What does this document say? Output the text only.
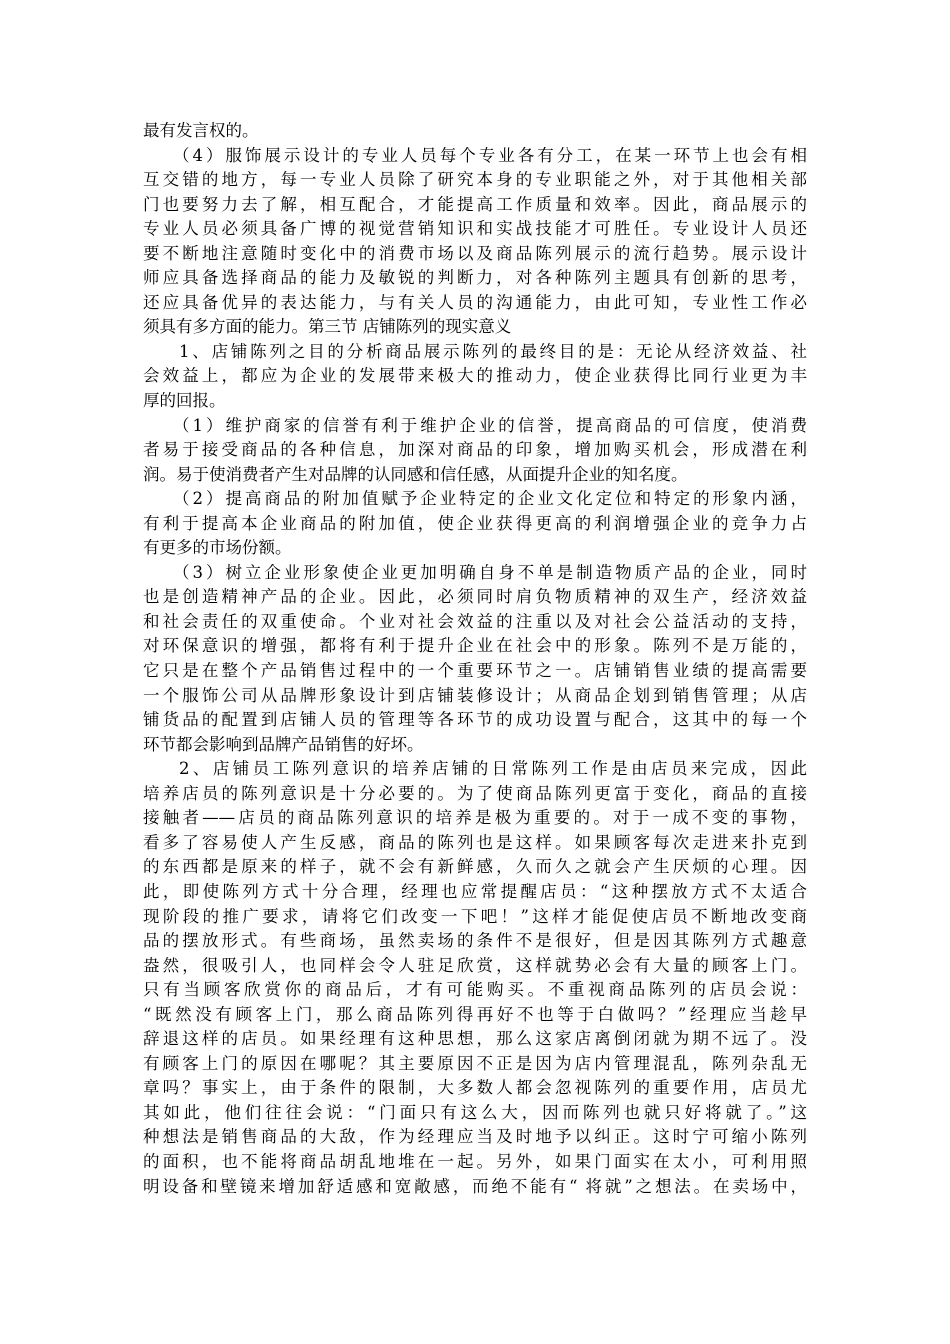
最有发言权的。
（4）服饰展示设计的专业人员每个专业各有分工，在某一环节上也会有相
互交错的地方，每一专业人员除了研究本身的专业职能之外，对于其他相关部
门也要努力去了解，相互配合，才能提高工作质量和效率。因此，商品展示的
专业人员必须具备广博的视觉营销知识和实战技能才可胜任。专业设计人员还
要不断地注意随时变化中的消费市场以及商品陈列展示的流行趋势。展示设计
师应具备选择商品的能力及敏锐的判断力，对各种陈列主题具有创新的思考，
还应具备优异的表达能力，与有关人员的沟通能力，由此可知，专业性工作必
须具有多方面的能力。第三节 店铺陈列的现实意义
1、店铺陈列之目的分析商品展示陈列的最终目的是：无论从经济效益、社
会效益上，都应为企业的发展带来极大的推动力，使企业获得比同行业更为丰
厚的回报。
（1）维护商家的信誉有利于维护企业的信誉，提高商品的可信度，使消费
者易于接受商品的各种信息，加深对商品的印象，增加购买机会，形成潜在利
润。易于使消费者产生对品牌的认同感和信任感，从面提升企业的知名度。
（2）提高商品的附加值赋予企业特定的企业文化定位和特定的形象内涵，
有利于提高本企业商品的附加值，使企业获得更高的利润增强企业的竞争力占
有更多的市场份额。
（3）树立企业形象使企业更加明确自身不单是制造物质产品的企业，同时
也是创造精神产品的企业。因此，必须同时肩负物质精神的双生产，经济效益
和社会责任的双重使命。个业对社会效益的注重以及对社会公益活动的支持，
对环保意识的增强，都将有利于提升企业在社会中的形象。陈列不是万能的，
它只是在整个产品销售过程中的一个重要环节之一。店铺销售业绩的提高需要
一个服饰公司从品牌形象设计到店铺装修设计；从商品企划到销售管理；从店
铺货品的配置到店铺人员的管理等各环节的成功设置与配合，这其中的每一个
环节都会影响到品牌产品销售的好坏。
2、店铺员工陈列意识的培养店铺的日常陈列工作是由店员来完成，因此
培养店员的陈列意识是十分必要的。为了使商品陈列更富于变化，商品的直接
接触者——店员的商品陈列意识的培养是极为重要的。对于一成不变的事物，
看多了容易使人产生反感，商品的陈列也是这样。如果顾客每次走进来扑克到
的东西都是原来的样子，就不会有新鲜感，久而久之就会产生厌烦的心理。因
此，即使陈列方式十分合理，经理也应常提醒店员：“这种摆放方式不太适合
现阶段的推广要求，请将它们改变一下吧！”这样才能促使店员不断地改变商
品的摆放形式。有些商场，虽然卖场的条件不是很好，但是因其陈列方式趣意
盎然，很吸引人，也同样会令人驻足欣赏，这样就势必会有大量的顾客上门。
只有当顾客欣赏你的商品后，才有可能购买。不重视商品陈列的店员会说：
“既然没有顾客上门，那么商品陈列得再好不也等于白做吗？”经理应当趁早
辞退这样的店员。如果经理有这种思想，那么这家店离倒闭就为期不远了。没
有顾客上门的原因在哪呢？其主要原因不正是因为店内管理混乱，陈列杂乱无
章吗？事实上，由于条件的限制，大多数人都会忽视陈列的重要作用，店员尤
其如此，他们往往会说：“门面只有这么大，因而陈列也就只好将就了。”这
种想法是销售商品的大敌，作为经理应当及时地予以纠正。这时宁可缩小陈列
的面积，也不能将商品胡乱地堆在一起。另外，如果门面实在太小，可利用照
明设备和壁镜来增加舒适感和宽敞感，而绝不能有“ 将就”之想法。在卖场中，
